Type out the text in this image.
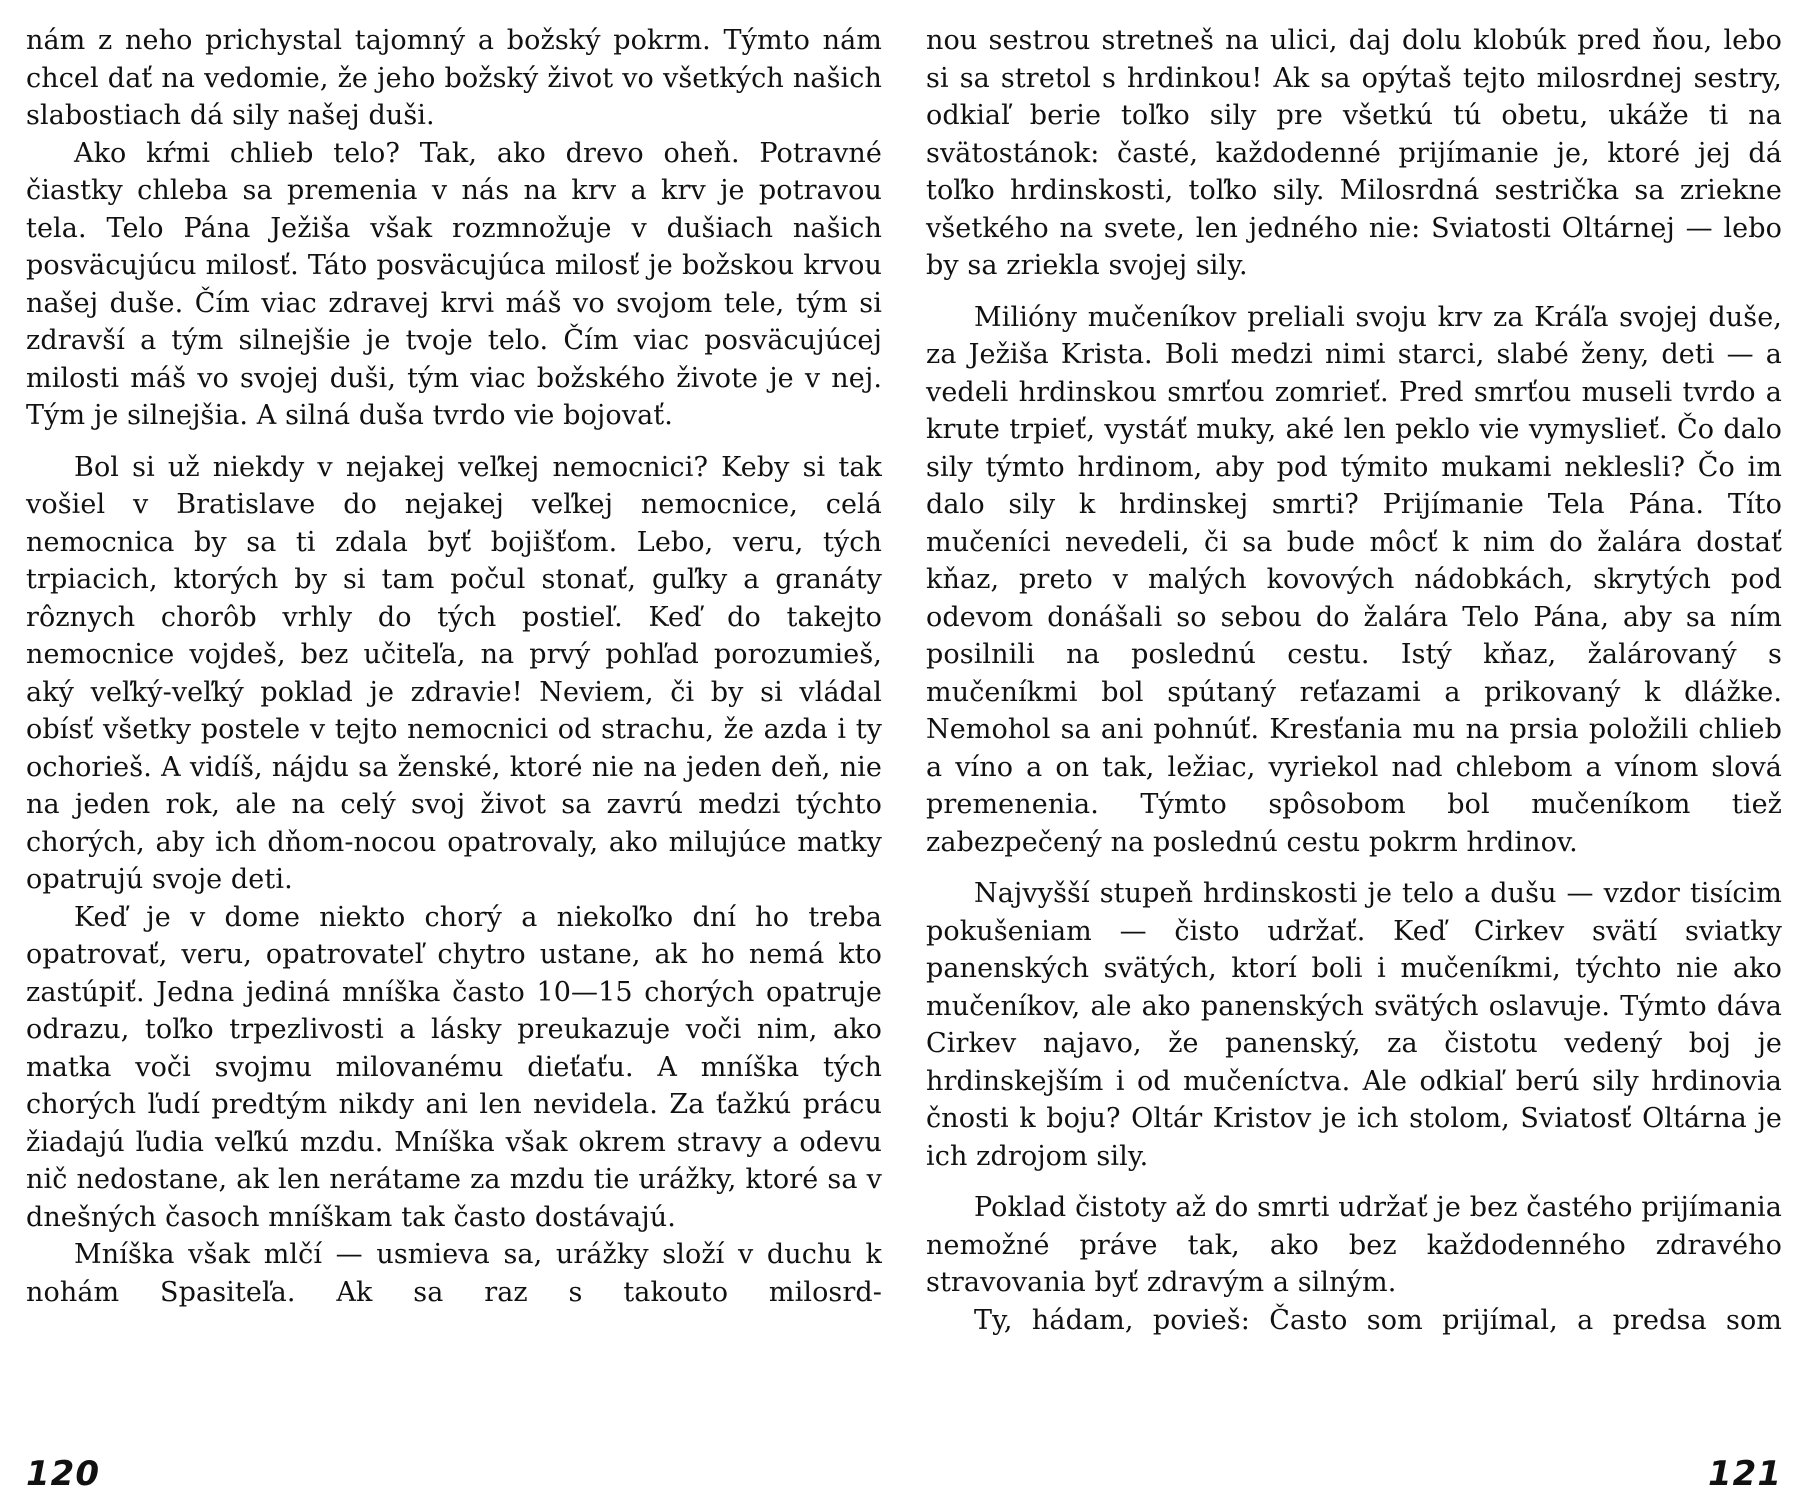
nám z neho prichystal tajomný a božský pokrm. Týmto nám chcel dať na vedomie, že jeho božský život vo všetkých našich slabostiach dá sily našej duši.

Ako kŕmi chlieb telo? Tak, ako drevo oheň. Potravné čiastky chleba sa premenia v nás na krv a krv je potravou tela. Telo Pána Ježiša však rozmnožuje v dušiach našich posväcujúcu milosť. Táto posväcujúca milosť je božskou krvou našej duše. Čím viac zdravej krvi máš vo svojom tele, tým si zdravší a tým silnejšie je tvoje telo. Čím viac posväcujúcej milosti máš vo svojej duši, tým viac božského živote je v nej. Tým je silnejšia. A silná duša tvrdo vie bojovať.

Bol si už niekdy v nejakej veľkej nemocnici? Keby si tak vošiel v Bratislave do nejakej veľkej nemocnice, celá nemocnica by sa ti zdala byť bojišťom. Lebo, veru, tých trpiacich, ktorých by si tam počul stonať, guľky a granáty rôznych chorôb vrhly do tých postieľ. Keď do takejto nemocnice vojdeš, bez učiteľa, na prvý pohľad porozumieš, aký veľký-veľký poklad je zdravie! Neviem, či by si vládal obísť všetky postele v tejto nemocnici od strachu, že azda i ty ochorieš. A vidíš, nájdu sa ženské, ktoré nie na jeden deň, nie na jeden rok, ale na celý svoj život sa zavrú medzi týchto chorých, aby ich dňom-nocou opatrovaly, ako milujúce matky opatrujú svoje deti.

Keď je v dome niekto chorý a niekoľko dní ho treba opatrovať, veru, opatrovateľ chytro ustane, ak ho nemá kto zastúpiť. Jedna jediná mníška často 10—15 chorých opatruje odrazu, toľko trpezlivosti a lásky preukazuje voči nim, ako matka voči svojmu milovanému dieťaťu. A mníška tých chorých ľudí predtým nikdy ani len nevidela. Za ťažkú prácu žiadajú ľudia veľkú mzdu. Mníška však okrem stravy a odevu nič nedostane, ak len nerátame za mzdu tie urážky, ktoré sa v dnešných časoch mníškam tak často dostávajú.

Mníška však mlčí — usmieva sa, urážky složí v duchu k nohám Spasiteľa. Ak sa raz s takouto milosrd-

120

nou sestrou stretneš na ulici, daj dolu klobúk pred ňou, lebo si sa stretol s hrdinkou! Ak sa opýtaš tejto milosrdnej sestry, odkiaľ berie toľko sily pre všetkú tú obetu, ukáže ti na svätostánok: časté, každodenné prijímanie je, ktoré jej dá toľko hrdinskosti, toľko sily. Milosrdná sestrička sa zriekne všetkého na svete, len jedného nie: Sviatosti Oltárnej — lebo by sa zriekla svojej sily.

Milióny mučeníkov preliali svoju krv za Kráľa svojej duše, za Ježiša Krista. Boli medzi nimi starci, slabé ženy, deti — a vedeli hrdinskou smrťou zomrieť. Pred smrťou museli tvrdo a krute trpieť, vystáť muky, aké len peklo vie vymyslieť. Čo dalo sily týmto hrdinom, aby pod týmito mukami neklesli? Čo im dalo sily k hrdinskej smrti? Prijímanie Tela Pána. Títo mučeníci nevedeli, či sa bude môcť k nim do žalára dostať kňaz, preto v malých kovových nádobkách, skrytých pod odevom donášali so sebou do žalára Telo Pána, aby sa ním posilnili na poslednú cestu. Istý kňaz, žalárovaný s mučeníkmi bol spútaný reťazami a prikovaný k dlážke. Nemohol sa ani pohnúť. Kresťania mu na prsia položili chlieb a víno a on tak, ležiac, vyriekol nad chlebom a vínom slová premenenia. Týmto spôsobom bol mučeníkom tiež zabezpečený na poslednú cestu pokrm hrdinov.

Najvyšší stupeň hrdinskosti je telo a dušu — vzdor tisícim pokušeniam — čisto udržať. Keď Cirkev svätí sviatky panenských svätých, ktorí boli i mučeníkmi, týchto nie ako mučeníkov, ale ako panenských svätých oslavuje. Týmto dáva Cirkev najavo, že panenský, za čistotu vedený boj je hrdinskejším i od mučeníctva. Ale odkiaľ berú sily hrdinovia čnosti k boju? Oltár Kristov je ich stolom, Sviatosť Oltárna je ich zdrojom sily.

Poklad čistoty až do smrti udržať je bez častého prijímania nemožné práve tak, ako bez každodenného zdravého stravovania byť zdravým a silným.

Ty, hádam, povieš: Často som prijímal, a predsa som

121
